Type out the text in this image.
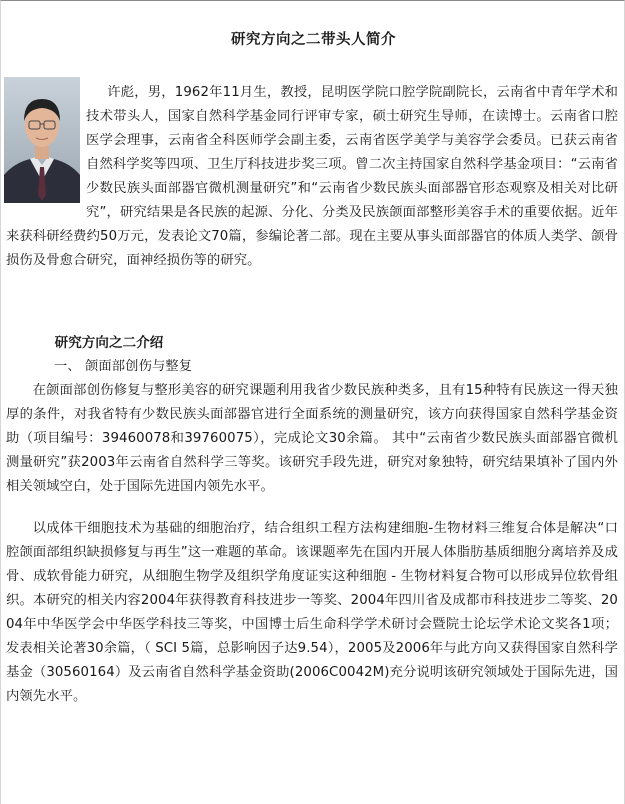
研究方向之二带头人简介

许彪，男，1962年11月生，教授，昆明医学院口腔学院副院长，云南省中青年学术和技术带头人，国家自然科学基金同行评审专家，硕士研究生导师，在读博士。云南省口腔医学会理事，云南省全科医师学会副主委，云南省医学美学与美容学会委员。已获云南省自然科学奖等四项、卫生厅科技进步奖三项。曾二次主持国家自然科学基金项目：“云南省少数民族头面部器官微机测量研究”和“云南省少数民族头面部器官形态观察及相关对比研究”，研究结果是各民族的起源、分化、分类及民族颌面部整形美容手术的重要依据。近年来获科研经费约50万元，发表论文70篇，参编论著二部。现在主要从事头面部器官的体质人类学、颌骨损伤及骨愈合研究，面神经损伤等的研究。

研究方向之二介绍

一、 颌面部创伤与整复

在颌面部创伤修复与整形美容的研究课题利用我省少数民族种类多，且有15种特有民族这一得天独厚的条件，对我省特有少数民族头面部器官进行全面系统的测量研究，该方向获得国家自然科学基金资助（项目编号：39460078和39760075），完成论文30余篇。 其中“云南省少数民族头面部器官微机测量研究”获2003年云南省自然科学三等奖。该研究手段先进，研究对象独特，研究结果填补了国内外相关领域空白，处于国际先进国内领先水平。

以成体干细胞技术为基础的细胞治疗，结合组织工程方法构建细胞-生物材料三维复合体是解决“口腔颌面部组织缺损修复与再生”这一难题的革命。该课题率先在国内开展人体脂肪基质细胞分离培养及成骨、成软骨能力研究，从细胞生物学及组织学角度证实这种细胞 - 生物材料复合物可以形成异位软骨组织。本研究的相关内容2004年获得教育科技进步一等奖、2004年四川省及成都市科技进步二等奖、2004年中华医学会中华医学科技三等奖，中国博士后生命科学学术研讨会暨院士论坛学术论文奖各1项；发表相关论著30余篇，（ SCI 5篇，总影响因子达9.54），2005及2006年与此方向又获得国家自然科学基金（30560164）及云南省自然科学基金资助(2006C0042M)充分说明该研究领域处于国际先进，国内领先水平。
